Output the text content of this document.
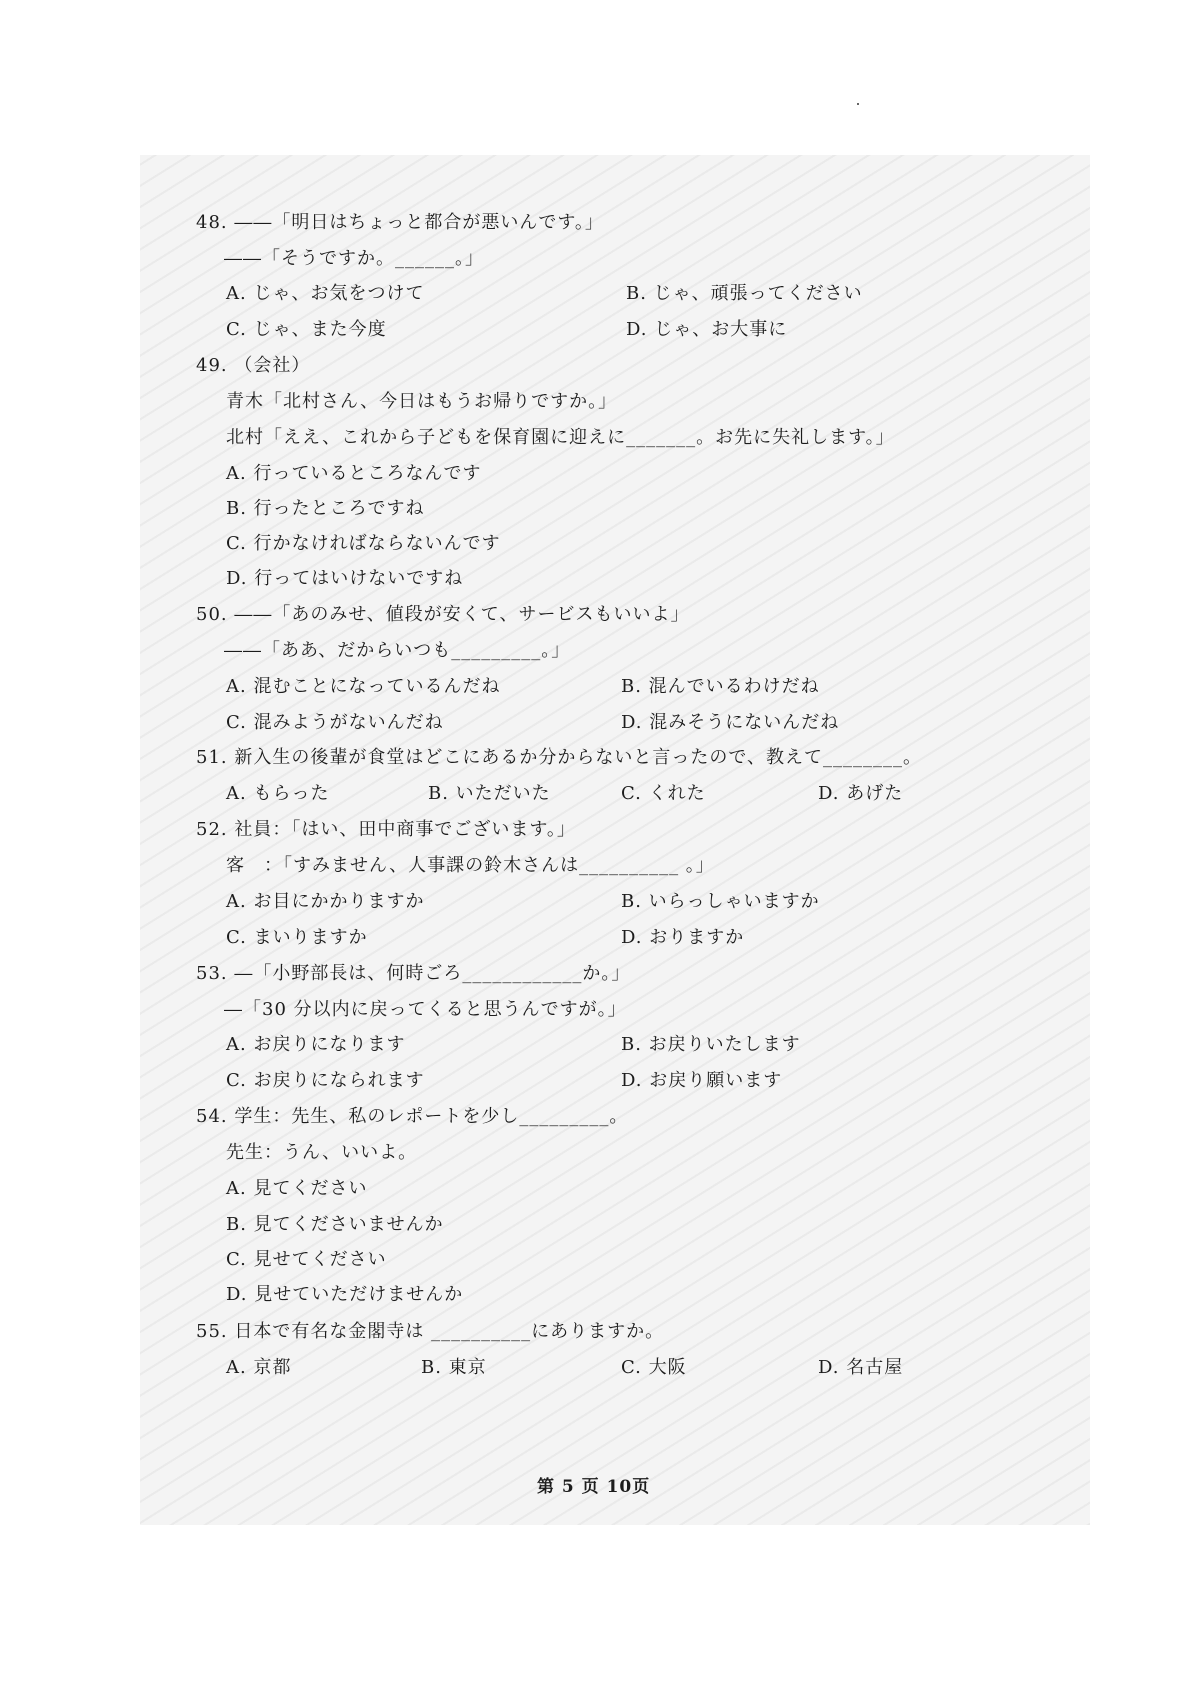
48. ――「明日はちょっと都合が悪いんです。」
――「そうですか。______。」
A. じゃ、お気をつけて	B. じゃ、頑張ってください
C. じゃ、また今度	D. じゃ、お大事に
49. （会社）
青木「北村さん、今日はもうお帰りですか。」
北村「ええ、これから子どもを保育園に迎えに_______。お先に失礼します。」
A. 行っているところなんです
B. 行ったところですね
C. 行かなければならないんです
D. 行ってはいけないですね
50. ――「あのみせ、値段が安くて、サービスもいいよ」
――「ああ、だからいつも_________。」
A. 混むことになっているんだね	B. 混んでいるわけだね
C. 混みようがないんだね	D. 混みそうにないんだね
51. 新入生の後輩が食堂はどこにあるか分からないと言ったので、教えて________。
A. もらった	B. いただいた	C. くれた	D. あげた
52. 社員：「はい、田中商事でございます。」
客　：「すみません、人事課の鈴木さんは__________ 。」
A. お目にかかりますか	B. いらっしゃいますか
C. まいりますか	D. おりますか
53. ―「小野部長は、何時ごろ____________か。」
―「30 分以内に戻ってくると思うんですが。」
A. お戻りになります	B. お戻りいたします
C. お戻りになられます	D. お戻り願います
54. 学生：先生、私のレポートを少し_________。
先生：うん、いいよ。
A. 見てください
B. 見てくださいませんか
C. 見せてください
D. 見せていただけませんか
55. 日本で有名な金閣寺は __________にありますか。
A. 京都	B. 東京	C. 大阪	D. 名古屋
第 5 页 10页
